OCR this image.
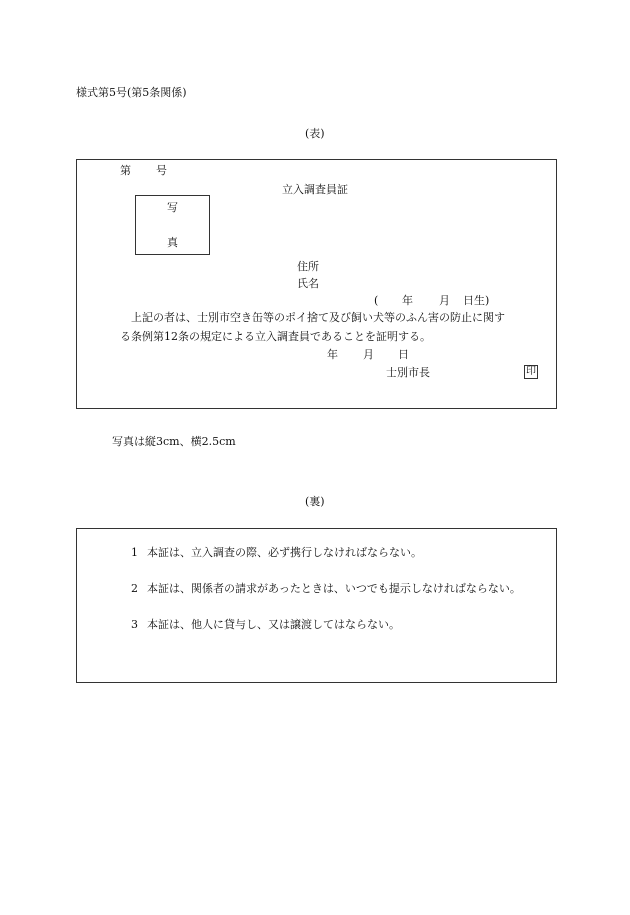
様式第5号(第5条関係)
(表)
第 号
立入調査員証
写
真
住所
氏名
( 年 月 日生)
上記の者は、士別市空き缶等のポイ捨て及び飼い犬等のふん害の防止に関す
る条例第12条の規定による立入調査員であることを証明する。
年 月 日
士別市長	印
写真は縦3cm、横2.5cm
(裏)
1 本証は、立入調査の際、必ず携行しなければならない。
2 本証は、関係者の請求があったときは、いつでも提示しなければならない。
3 本証は、他人に貸与し、又は譲渡してはならない。
